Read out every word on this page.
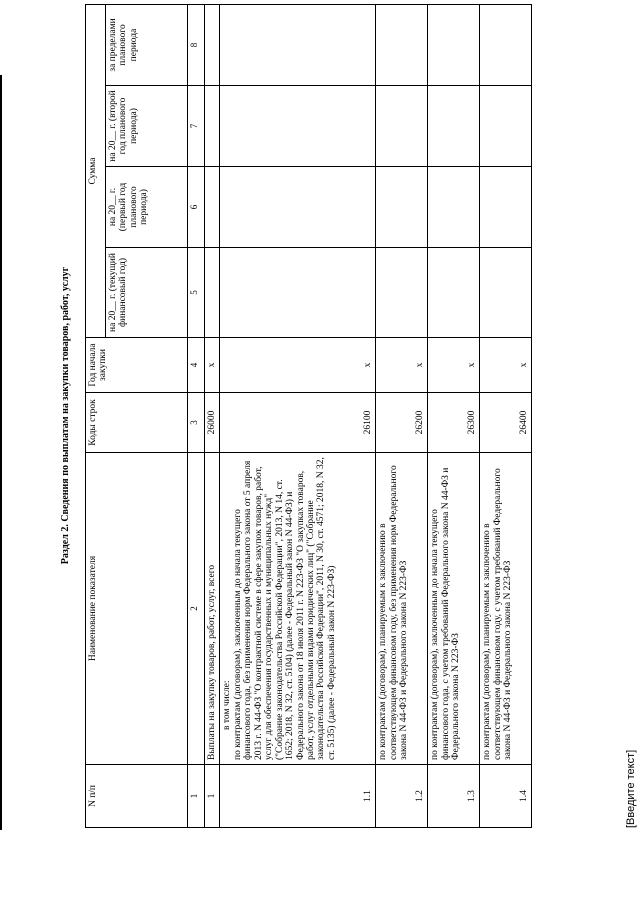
Раздел 2. Сведения по выплатам на закупки товаров, работ, услуг
N п/п	Наименование показателя	Коды строк	Год начала закупки	Сумма			
				на 20__ г. (текущий финансовый год)	на 20__ г. (первый год планового периода)	на 20__ г. (второй год планового периода)	за пределами планового периода
1	2	3	4	5	6	7	8
1	Выплаты на закупку товаров, работ, услуг, всего	26000	x				
1.1	в том числе: по контрактам (договорам), заключенным до начала текущего финансового года, без применения норм Федерального закона от 5 апреля 2013 г. N 44-ФЗ "О контрактной системе в сфере закупок товаров, работ, услуг для обеспечения государственных и муниципальных нужд" ("Собрание законодательства Российской Федерации", 2013, N 14, ст. 1652; 2018, N 32, ст. 5104) (далее - Федеральный закон N 44-ФЗ) и Федерального закона от 18 июля 2011 г. N 223-ФЗ "О закупках товаров, работ, услуг отдельными видами юридических лиц" ("Собрание законодательства Российской Федерации", 2011, N 30, ст. 4571; 2018, N 32, ст. 5135) (далее - Федеральный закон N 223-ФЗ)	26100	x				
1.2	по контрактам (договорам), планируемым к заключению в соответствующем финансовом году, без применения норм Федерального закона N 44-ФЗ и Федерального закона N 223-ФЗ	26200	x				
1.3	по контрактам (договорам), заключенным до начала текущего финансового года, с учетом требований Федерального закона N 44-ФЗ и Федерального закона N 223-ФЗ	26300	x				
1.4	по контрактам (договорам), планируемым к заключению в соответствующем финансовом году, с учетом требований Федерального закона N 44-ФЗ и Федерального закона N 223-ФЗ	26400	x				
[Введите текст]
